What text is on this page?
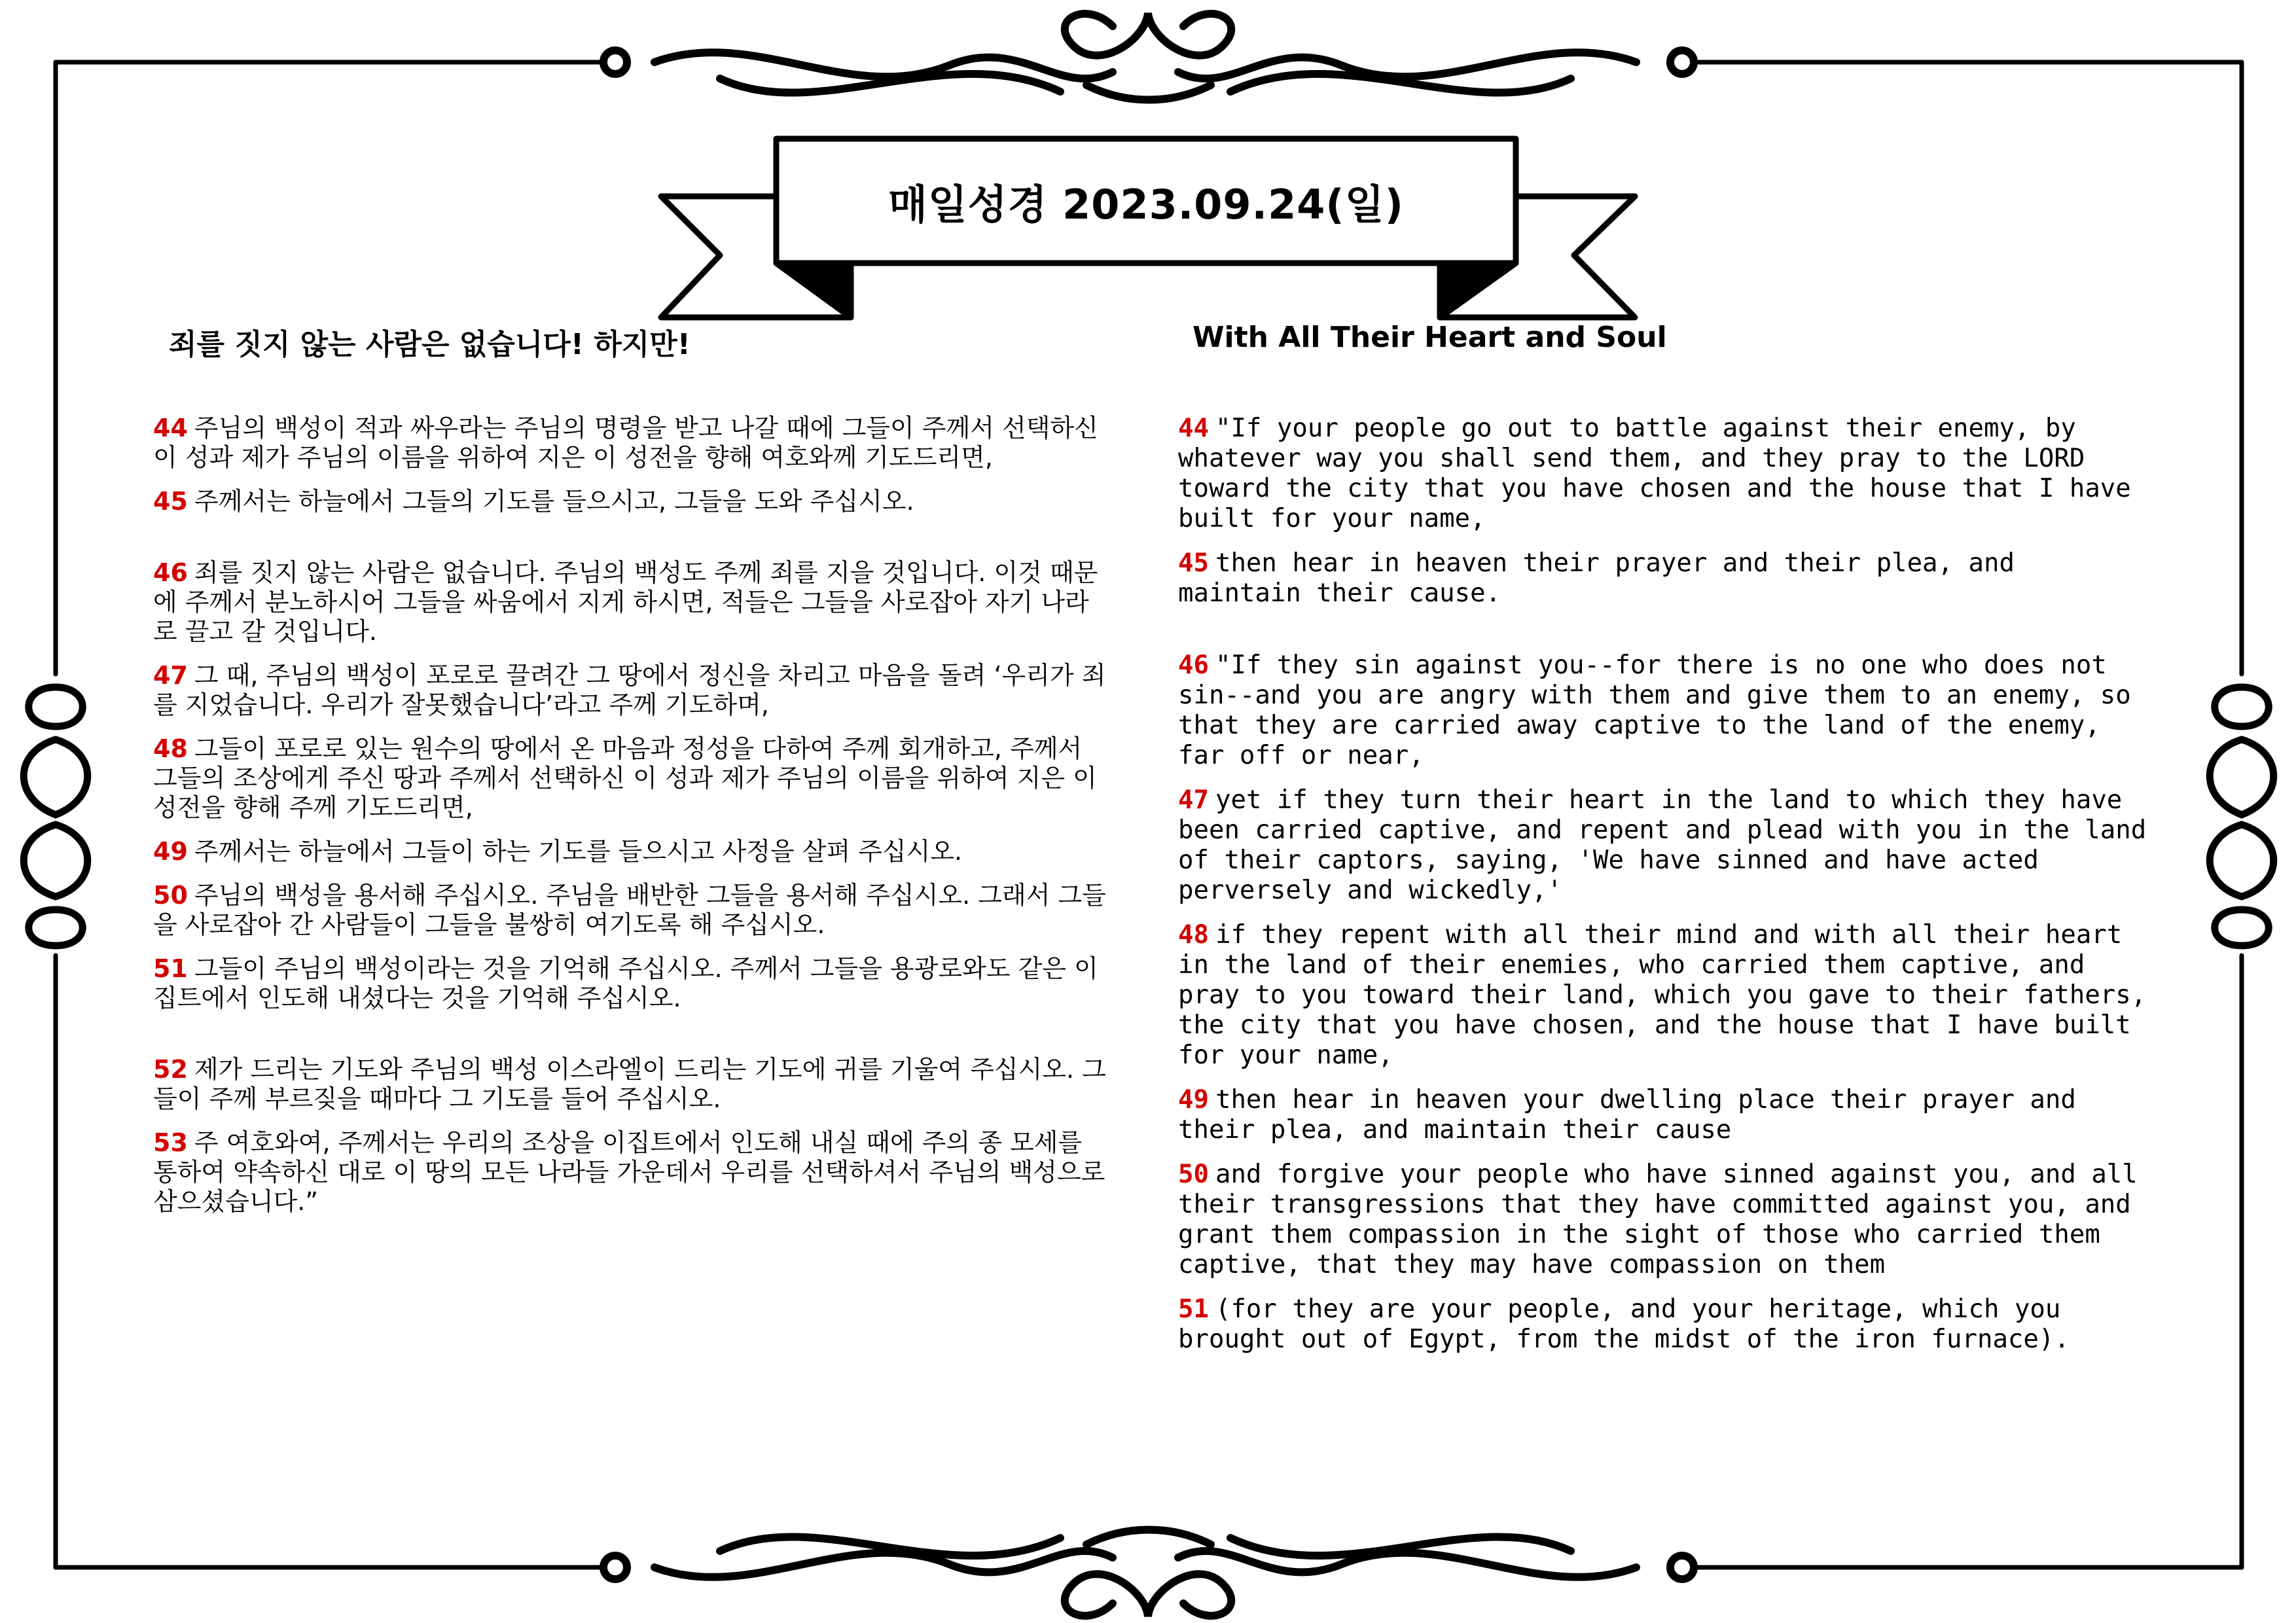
매일성경 2023.09.24(일)
죄를 짓지 않는 사람은 없습니다! 하지만!	With All Their Heart and Soul

44 주님의 백성이 적과 싸우라는 주님의 명령을 받고 나갈 때에 그들이 주께서 선택하신 이 성과 제가 주님의 이름을 위하여 지은 이 성전을 향해 여호와께 기도드리면,

45 주께서는 하늘에서 그들의 기도를 들으시고, 그들을 도와 주십시오.

46 죄를 짓지 않는 사람은 없습니다. 주님의 백성도 주께 죄를 지을 것입니다. 이것 때문에 주께서 분노하시어 그들을 싸움에서 지게 하시면, 적들은 그들을 사로잡아 자기 나라로 끌고 갈 것입니다.

47 그 때, 주님의 백성이 포로로 끌려간 그 땅에서 정신을 차리고 마음을 돌려 ‘우리가 죄를 지었습니다. 우리가 잘못했습니다’라고 주께 기도하며,

48 그들이 포로로 있는 원수의 땅에서 온 마음과 정성을 다하여 주께 회개하고, 주께서 그들의 조상에게 주신 땅과 주께서 선택하신 이 성과 제가 주님의 이름을 위하여 지은 이 성전을 향해 주께 기도드리면,

49 주께서는 하늘에서 그들이 하는 기도를 들으시고 사정을 살펴 주십시오.

50 주님의 백성을 용서해 주십시오. 주님을 배반한 그들을 용서해 주십시오. 그래서 그들을 사로잡아 간 사람들이 그들을 불쌍히 여기도록 해 주십시오.

51 그들이 주님의 백성이라는 것을 기억해 주십시오. 주께서 그들을 용광로와도 같은 이집트에서 인도해 내셨다는 것을 기억해 주십시오.

52 제가 드리는 기도와 주님의 백성 이스라엘이 드리는 기도에 귀를 기울여 주십시오. 그들이 주께 부르짖을 때마다 그 기도를 들어 주십시오.

53 주 여호와여, 주께서는 우리의 조상을 이집트에서 인도해 내실 때에 주의 종 모세를 통하여 약속하신 대로 이 땅의 모든 나라들 가운데서 우리를 선택하셔서 주님의 백성으로 삼으셨습니다.”

44 "If your people go out to battle against their enemy, by whatever way you shall send them, and they pray to the LORD toward the city that you have chosen and the house that I have built for your name,

45 then hear in heaven their prayer and their plea, and maintain their cause.

46 "If they sin against you--for there is no one who does not sin--and you are angry with them and give them to an enemy, so that they are carried away captive to the land of the enemy, far off or near,

47 yet if they turn their heart in the land to which they have been carried captive, and repent and plead with you in the land of their captors, saying, 'We have sinned and have acted perversely and wickedly,'

48 if they repent with all their mind and with all their heart in the land of their enemies, who carried them captive, and pray to you toward their land, which you gave to their fathers, the city that you have chosen, and the house that I have built for your name,

49 then hear in heaven your dwelling place their prayer and their plea, and maintain their cause

50 and forgive your people who have sinned against you, and all their transgressions that they have committed against you, and grant them compassion in the sight of those who carried them captive, that they may have compassion on them

51 (for they are your people, and your heritage, which you brought out of Egypt, from the midst of the iron furnace).
